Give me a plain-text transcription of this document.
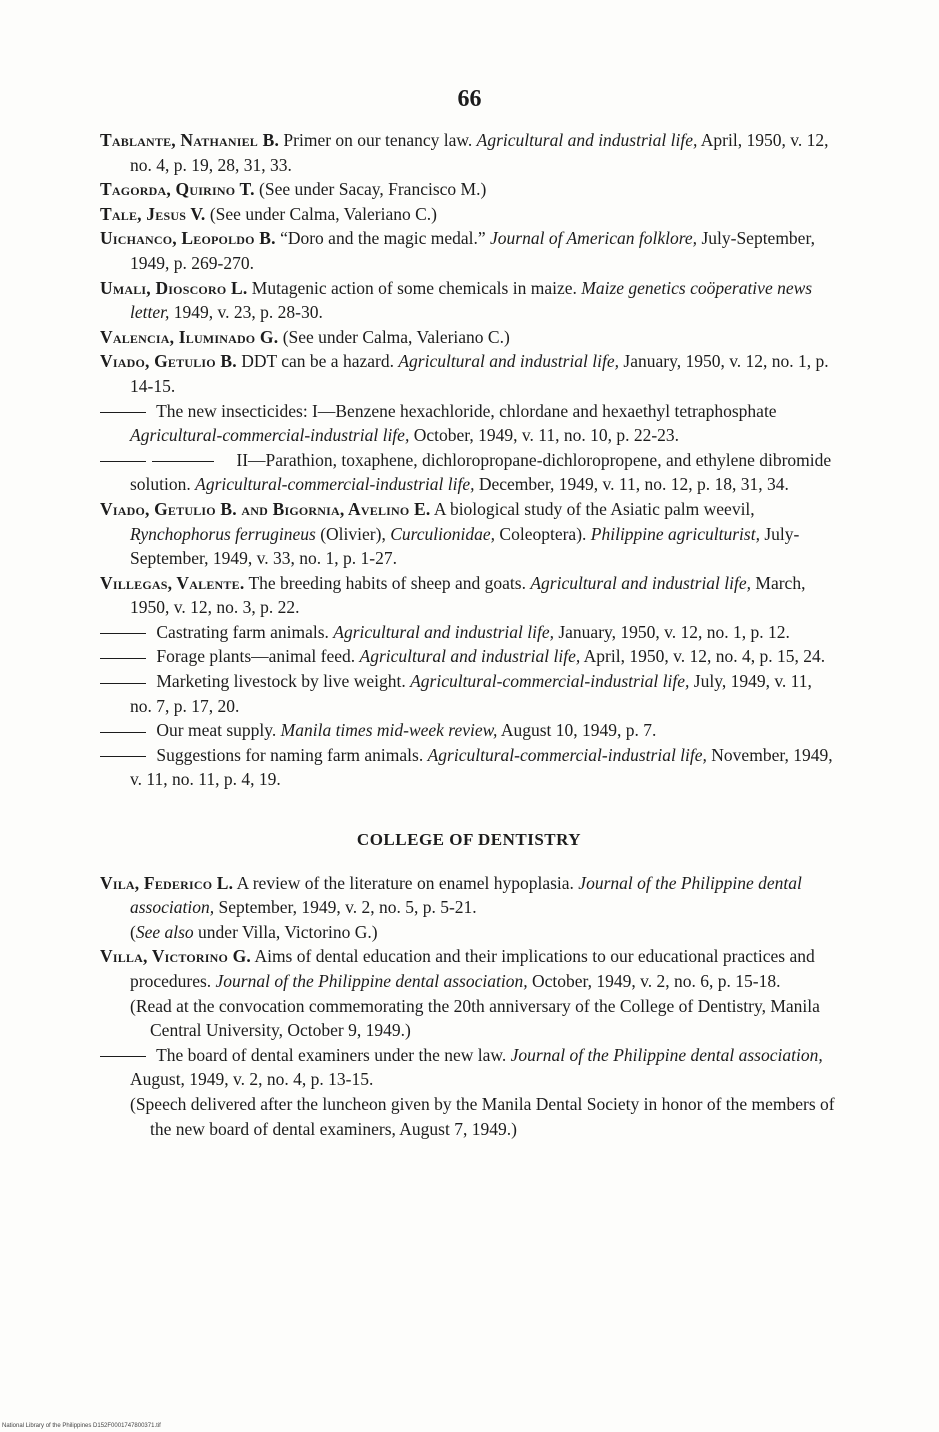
66

Tablante, Nathaniel B. Primer on our tenancy law. Agricultural and industrial life, April, 1950, v. 12, no. 4, p. 19, 28, 31, 33.

Tagorda, Quirino T. (See under Sacay, Francisco M.)

Tale, Jesus V. (See under Calma, Valeriano C.)

Uichanco, Leopoldo B. “Doro and the magic medal.” Journal of American folklore, July-September, 1949, p. 269-270.

Umali, Dioscoro L. Mutagenic action of some chemicals in maize. Maize genetics coöperative news letter, 1949, v. 23, p. 28-30.

Valencia, Iluminado G. (See under Calma, Valeriano C.)

Viado, Getulio B. DDT can be a hazard. Agricultural and industrial life, January, 1950, v. 12, no. 1, p. 14-15.

The new insecticides: I—Benzene hexachloride, chlordane and hexaethyl tetraphosphate Agricultural-commercial-industrial life, October, 1949, v. 11, no. 10, p. 22-23.

II—Parathion, toxaphene, dichloropropane-dichloropropene, and ethylene dibromide solution. Agricultural-commercial-industrial life, December, 1949, v. 11, no. 12, p. 18, 31, 34.

Viado, Getulio B. and Bigornia, Avelino E. A biological study of the Asiatic palm weevil, Rynchophorus ferrugineus (Olivier), Curculionidae, Coleoptera). Philippine agriculturist, July-September, 1949, v. 33, no. 1, p. 1-27.

Villegas, Valente. The breeding habits of sheep and goats. Agricultural and industrial life, March, 1950, v. 12, no. 3, p. 22.

Castrating farm animals. Agricultural and industrial life, January, 1950, v. 12, no. 1, p. 12.

Forage plants—animal feed. Agricultural and industrial life, April, 1950, v. 12, no. 4, p. 15, 24.

Marketing livestock by live weight. Agricultural-commercial-industrial life, July, 1949, v. 11, no. 7, p. 17, 20.

Our meat supply. Manila times mid-week review, August 10, 1949, p. 7.

Suggestions for naming farm animals. Agricultural-commercial-industrial life, November, 1949, v. 11, no. 11, p. 4, 19.

COLLEGE OF DENTISTRY

Vila, Federico L. A review of the literature on enamel hypoplasia. Journal of the Philippine dental association, September, 1949, v. 2, no. 5, p. 5-21.

(See also under Villa, Victorino G.)

Villa, Victorino G. Aims of dental education and their implications to our educational practices and procedures. Journal of the Philippine dental association, October, 1949, v. 2, no. 6, p. 15-18.

(Read at the convocation commemorating the 20th anniversary of the College of Dentistry, Manila Central University, October 9, 1949.)

The board of dental examiners under the new law. Journal of the Philippine dental association, August, 1949, v. 2, no. 4, p. 13-15.

(Speech delivered after the luncheon given by the Manila Dental Society in honor of the members of the new board of dental examiners, August 7, 1949.)

National Library of the Philippines D152F0001747800371.tif
